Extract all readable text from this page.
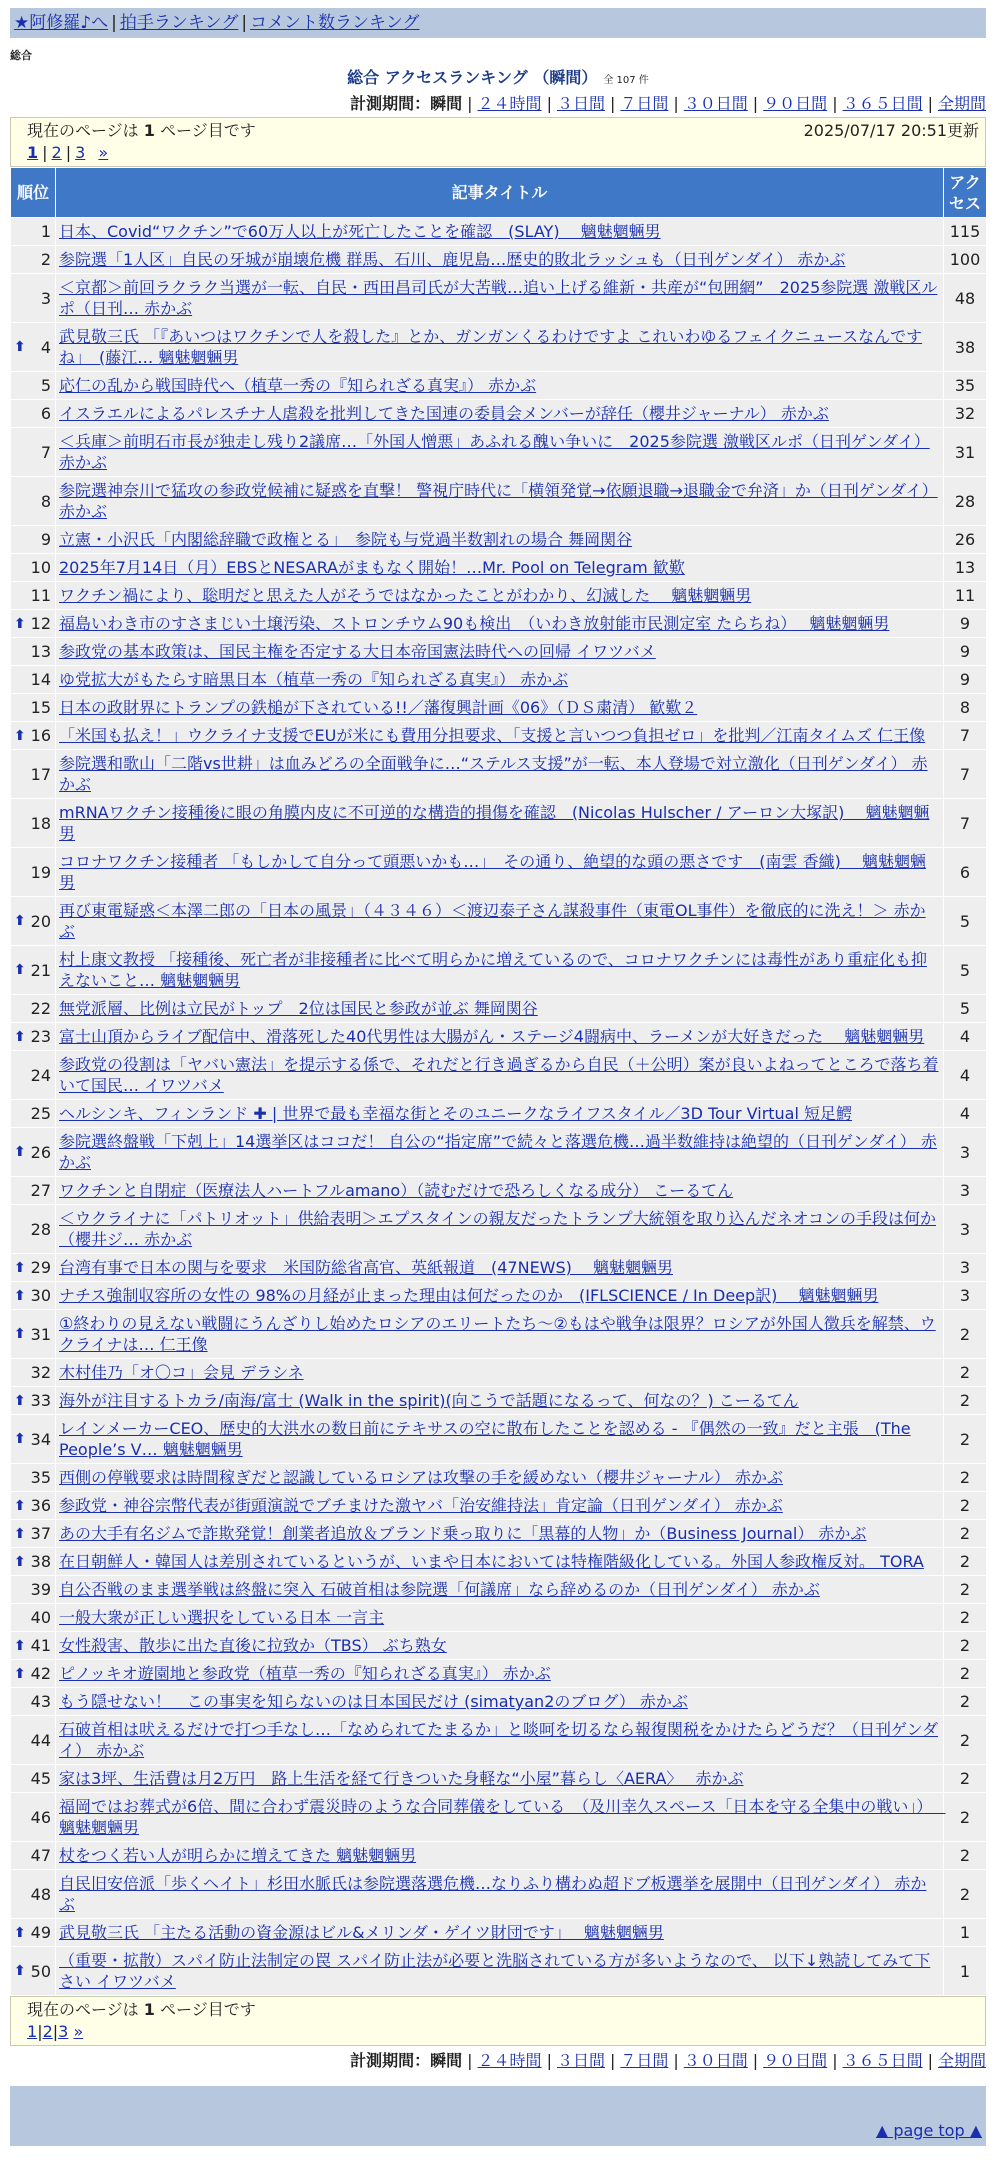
★阿修羅♪へ | 拍手ランキング | コメント数ランキング
総合
総合 アクセスランキング （瞬間） 全 107 件
計測期間：瞬間 | ２４時間 | ３日間 | ７日間 | ３０日間 | ９０日間 | ３６５日間 | 全期間
現在のページは 1 ページ目です	2025/07/17 20:51更新
1 | 2 | 3 »
順位	記事タイトル	アクセス
1	日本、Covid“ワクチン”で60万人以上が死亡したことを確認　(SLAY)　 魑魅魍魎男	115
2	参院選「1人区」自民の牙城が崩壊危機 群馬、石川、鹿児島…歴史的敗北ラッシュも（日刊ゲンダイ） 赤かぶ	100
3	＜京都＞前回ラクラク当選が一転、自民・西田昌司氏が大苦戦…追い上げる維新・共産が“包囲網”　2025参院選 激戦区ルポ（日刊… 赤かぶ	48

⬆ 4	武見敬三氏 「『あいつはワクチンで人を殺した』とか、ガンガンくるわけですよ これいわゆるフェイクニュースなんですね」　(藤江… 魑魅魍魎男	38
5	応仁の乱から戦国時代へ（植草一秀の『知られざる真実』） 赤かぶ	35
6	イスラエルによるパレスチナ人虐殺を批判してきた国連の委員会メンバーが辞任（櫻井ジャーナル） 赤かぶ	32
7	＜兵庫＞前明石市長が独走し残り2議席…「外国人憎悪」あふれる醜い争いに　2025参院選 激戦区ルポ（日刊ゲンダイ） 赤かぶ	31
8	参院選神奈川で猛攻の参政党候補に疑惑を直撃！ 警視庁時代に「横領発覚→依願退職→退職金で弁済」か（日刊ゲンダイ） 赤かぶ	28
9	立憲・小沢氏「内閣総辞職で政権とる」　参院も与党過半数割れの場合 舞岡関谷	26
10	2025年7月14日（月）EBSとNESARAがまもなく開始！…Mr. Pool on Telegram 歓歎	13
11	ワクチン禍により、聡明だと思えた人がそうではなかったことがわかり、幻滅した　 魑魅魍魎男	11

⬆ 12	福島いわき市のすさまじい土壌汚染、ストロンチウム90も検出　（いわき放射能市民測定室 たらちね）　 魑魅魍魎男	9
13	参政党の基本政策は、国民主権を否定する大日本帝国憲法時代への回帰 イワツバメ	9
14	ゆ党拡大がもたらす暗黒日本（植草一秀の『知られざる真実』） 赤かぶ	9
15	日本の政財界にトランプの鉄槌が下されている!!／藩復興計画《06》（ＤＳ粛清） 歓歎２	8

⬆ 16	「米国も払え！」ウクライナ支援でEUが米にも費用分担要求、「支援と言いつつ負担ゼロ」を批判／江南タイムズ 仁王像	7
17	参院選和歌山「二階vs世耕」は血みどろの全面戦争に…“ステルス支援”が一転、本人登場で対立激化（日刊ゲンダイ） 赤かぶ	7
18	mRNAワクチン接種後に眼の角膜内皮に不可逆的な構造的損傷を確認　(Nicolas Hulscher / アーロン大塚訳)　 魑魅魍魎男	7
19	コロナワクチン接種者 「もしかして自分って頭悪いかも…」　その通り、絶望的な頭の悪さです　(南雲 香織)　 魑魅魍魎男	6

⬆ 20	再び東電疑惑＜本澤二郎の「日本の風景」（４３４６）＜渡辺泰子さん謀殺事件（東電OL事件）を徹底的に洗え！＞ 赤かぶ	5

⬆ 21	村上康文教授 「接種後、死亡者が非接種者に比べて明らかに増えているので、コロナワクチンには毒性があり重症化も抑えないこと… 魑魅魍魎男	5
22	無党派層、比例は立民がトップ　2位は国民と参政が並ぶ 舞岡関谷	5

⬆ 23	富士山頂からライブ配信中、滑落死した40代男性は大腸がん・ステージ4闘病中、ラーメンが大好きだった　 魑魅魍魎男	4
24	参政党の役割は「ヤバい憲法」を提示する係で、それだと行き過ぎるから自民（＋公明）案が良いよねってところで落ち着いて国民… イワツバメ	4
25	ヘルシンキ、フィンランド ✚ | 世界で最も幸福な街とそのユニークなライフスタイル／3D Tour Virtual 短足鰐	4

⬆ 26	参院選終盤戦「下剋上」14選挙区はココだ！ 自公の“指定席”で続々と落選危機…過半数維持は絶望的（日刊ゲンダイ） 赤かぶ	3
27	ワクチンと自閉症（医療法人ハートフルamano）（読むだけで恐ろしくなる成分） こーるてん	3
28	＜ウクライナに「パトリオット」供給表明＞エプスタインの親友だったトランプ大統領を取り込んだネオコンの手段は何か（櫻井ジ… 赤かぶ	3

⬆ 29	台湾有事で日本の関与を要求　米国防総省高官、英紙報道　(47NEWS)　 魑魅魍魎男	3

⬆ 30	ナチス強制収容所の女性の 98%の月経が止まった理由は何だったのか　(IFLSCIENCE / In Deep訳)　 魑魅魍魎男	3

⬆ 31	①終わりの見えない戦闘にうんざりし始めたロシアのエリートたち～②もはや戦争は限界？ロシアが外国人徴兵を解禁、ウクライナは… 仁王像	2
32	木村佳乃「オ〇コ」会見 デラシネ	2

⬆ 33	海外が注目するトカラ/南海/富士 (Walk in the spirit)(向こうで話題になるって、何なの？) こーるてん	2

⬆ 34	レインメーカーCEO、歴史的大洪水の数日前にテキサスの空に散布したことを認める - 『偶然の一致』だと主張　(The People’s V… 魑魅魍魎男	2
35	西側の停戦要求は時間稼ぎだと認識しているロシアは攻撃の手を緩めない（櫻井ジャーナル） 赤かぶ	2

⬆ 36	参政党・神谷宗幣代表が街頭演説でブチまけた激ヤバ「治安維持法」肯定論（日刊ゲンダイ） 赤かぶ	2

⬆ 37	あの大手有名ジムで詐欺発覚！創業者追放＆ブランド乗っ取りに「黒幕的人物」か（Business Journal） 赤かぶ	2

⬆ 38	在日朝鮮人・韓国人は差別されているというが、いまや日本においては特権階級化している。外国人参政権反対。 TORA	2
39	自公否戦のまま選挙戦は終盤に突入 石破首相は参院選「何議席」なら辞めるのか（日刊ゲンダイ） 赤かぶ	2
40	一般大衆が正しい選択をしている日本 一言主	2

⬆ 41	女性殺害、散歩に出た直後に拉致か（TBS） ぶち熟女	2

⬆ 42	ピノッキオ遊園地と参政党（植草一秀の『知られざる真実』） 赤かぶ	2
43	もう隠せない！　この事実を知らないのは日本国民だけ (simatyan2のブログ） 赤かぶ	2
44	石破首相は吠えるだけで打つ手なし…「なめられてたまるか」と啖呵を切るなら報復関税をかけたらどうだ？（日刊ゲンダイ） 赤かぶ	2
45	家は3坪、生活費は月2万円　路上生活を経て行きついた身軽な“小屋”暮らし〈AERA〉　 赤かぶ	2
46	福岡ではお葬式が6倍、間に合わず震災時のような合同葬儀をしている　（及川幸久スペース「日本を守る全集中の戦い」）　 魑魅魍魎男	2
47	杖をつく若い人が明らかに増えてきた 魑魅魍魎男	2
48	自民旧安倍派「歩くヘイト」杉田水脈氏は参院選落選危機…なりふり構わぬ超ドブ板選挙を展開中（日刊ゲンダイ） 赤かぶ	2

⬆ 49	武見敬三氏 「主たる活動の資金源はビル&メリンダ・ゲイツ財団です」　 魑魅魍魎男	1

⬆ 50	（重要・拡散）スパイ防止法制定の罠 スパイ防止法が必要と洗脳されている方が多いようなので、 以下↓熟読してみて下さい イワツバメ	1
現在のページは 1 ページ目です
1|2|3 »
計測期間：瞬間 | ２４時間 | ３日間 | ７日間 | ３０日間 | ９０日間 | ３６５日間 | 全期間
▲ page top ▲
